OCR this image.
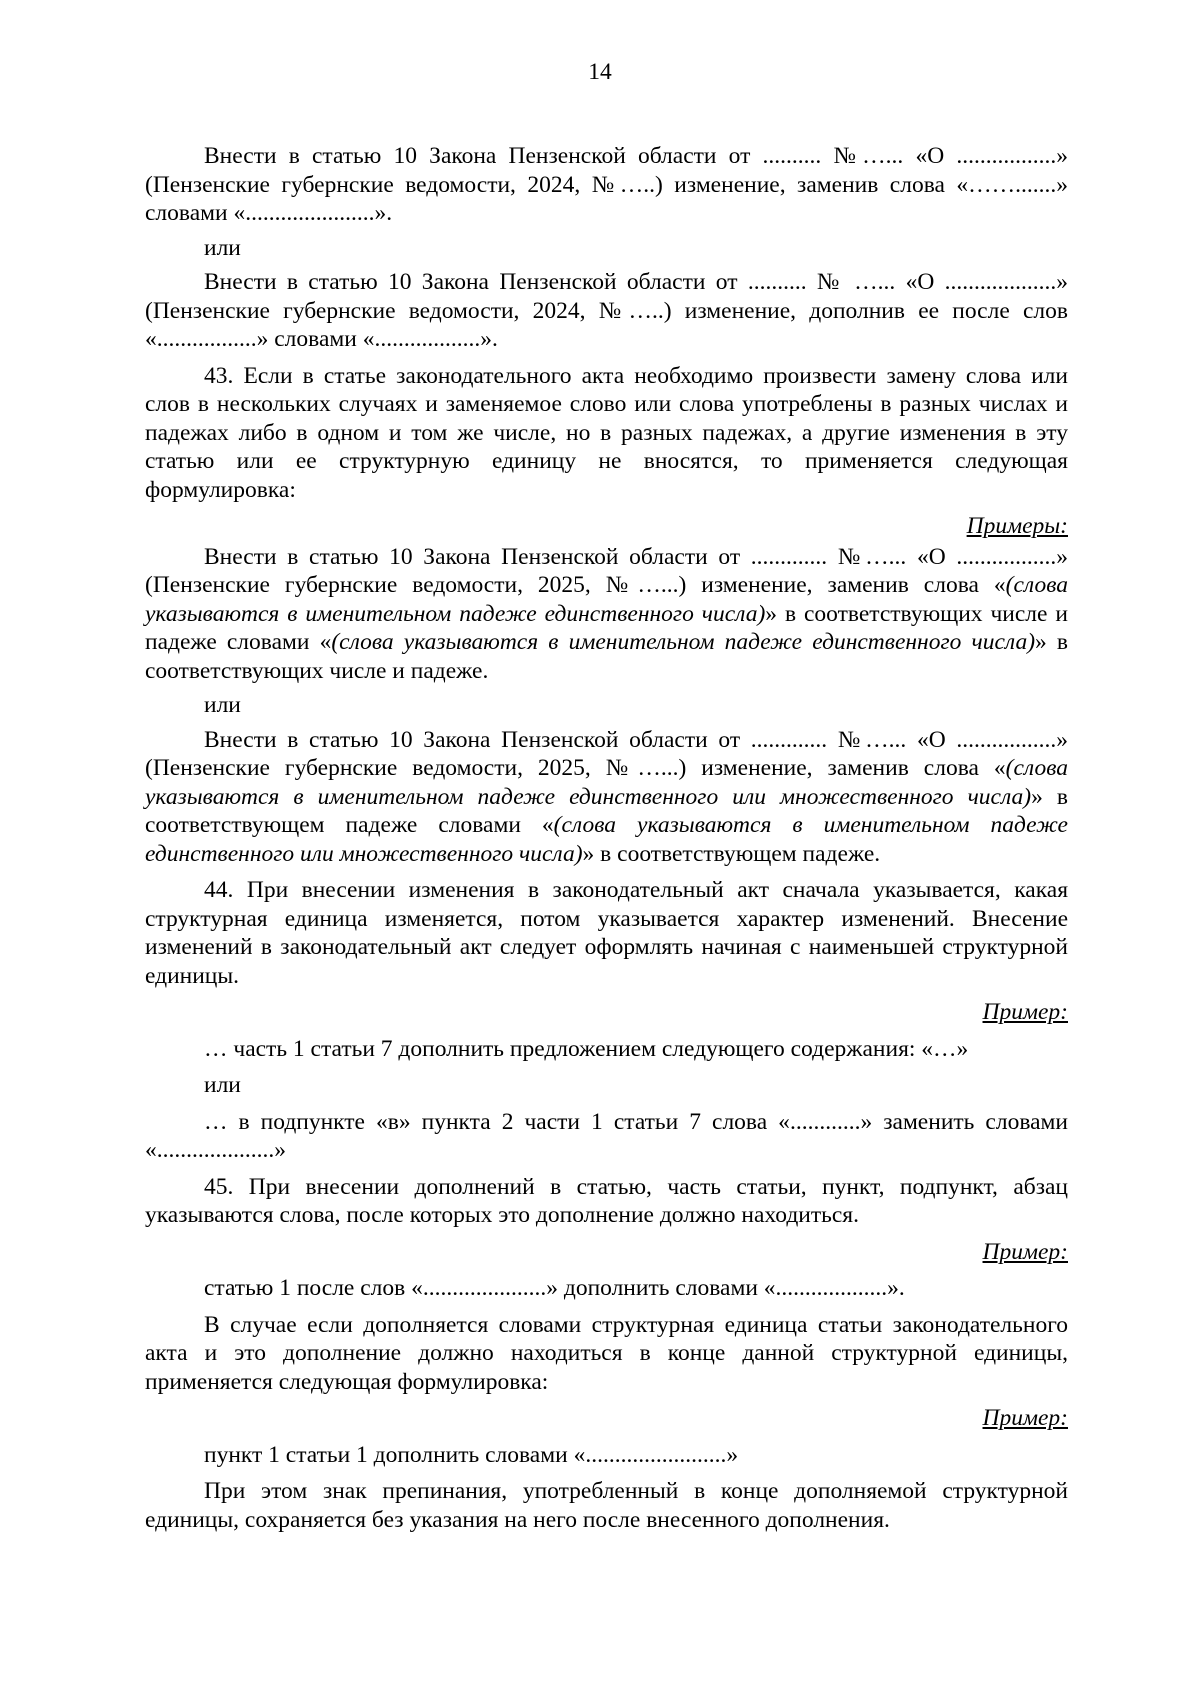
14

Внести в статью 10 Закона Пензенской области от .......... №…... «О .................» (Пензенские губернские ведомости, 2024, №…..) изменение, заменив слова «…….......» словами «......................».

или

Внести в статью 10 Закона Пензенской области от .......... № …... «О ...................» (Пензенские губернские ведомости, 2024, №…..) изменение, дополнив ее после слов «.................» словами «..................».

43. Если в статье законодательного акта необходимо произвести замену слова или слов в нескольких случаях и заменяемое слово или слова употреблены в разных числах и падежах либо в одном и том же числе, но в разных падежах, а другие изменения в эту статью или ее структурную единицу не вносятся, то применяется следующая формулировка:

Примеры:

Внести в статью 10 Закона Пензенской области от ............. №…... «О .................» (Пензенские губернские ведомости, 2025, №…...) изменение, заменив слова «(слова указываются в именительном падеже единственного числа)» в соответствующих числе и падеже словами «(слова указываются в именительном падеже единственного числа)» в соответствующих числе и падеже.

или

Внести в статью 10 Закона Пензенской области от ............. №…... «О .................» (Пензенские губернские ведомости, 2025, №…...) изменение, заменив слова «(слова указываются в именительном падеже единственного или множественного числа)» в соответствующем падеже словами «(слова указываются в именительном падеже единственного или множественного числа)» в соответствующем падеже.

44. При внесении изменения в законодательный акт сначала указывается, какая структурная единица изменяется, потом указывается характер изменений. Внесение изменений в законодательный акт следует оформлять начиная с наименьшей структурной единицы.

Пример:

… часть 1 статьи 7 дополнить предложением следующего содержания: «…»

или

… в подпункте «в» пункта 2 части 1 статьи 7 слова «............» заменить словами «....................»

45. При внесении дополнений в статью, часть статьи, пункт, подпункт, абзац указываются слова, после которых это дополнение должно находиться.

Пример:

статью 1 после слов «.....................» дополнить словами «...................».

В случае если дополняется словами структурная единица статьи законодательного акта и это дополнение должно находиться в конце данной структурной единицы, применяется следующая формулировка:

Пример:

пункт 1 статьи 1 дополнить словами «........................»

При этом знак препинания, употребленный в конце дополняемой структурной единицы, сохраняется без указания на него после внесенного дополнения.
